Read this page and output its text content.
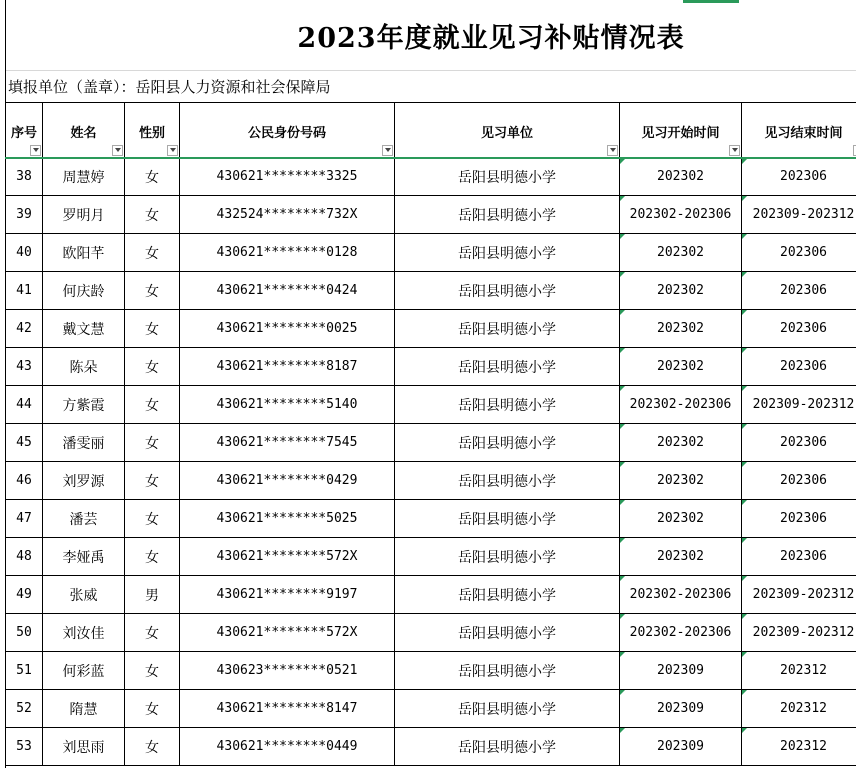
2023年度就业见习补贴情况表
填报单位（盖章）：岳阳县人力资源和社会保障局
序号	姓名	性别	公民身份号码	见习单位	见习开始时间	见习结束时间

38	周慧婷	女	430621********3325	岳阳县明德小学	202302	202306
39	罗明月	女	432524********732X	岳阳县明德小学	202302-202306	202309-202312
40	欧阳芊	女	430621********0128	岳阳县明德小学	202302	202306
41	何庆龄	女	430621********0424	岳阳县明德小学	202302	202306
42	戴文慧	女	430621********0025	岳阳县明德小学	202302	202306
43	陈朵	女	430621********8187	岳阳县明德小学	202302	202306
44	方紫霞	女	430621********5140	岳阳县明德小学	202302-202306	202309-202312
45	潘雯丽	女	430621********7545	岳阳县明德小学	202302	202306
46	刘罗源	女	430621********0429	岳阳县明德小学	202302	202306
47	潘芸	女	430621********5025	岳阳县明德小学	202302	202306
48	李娅禹	女	430621********572X	岳阳县明德小学	202302	202306
49	张威	男	430621********9197	岳阳县明德小学	202302-202306	202309-202312
50	刘汝佳	女	430621********572X	岳阳县明德小学	202302-202306	202309-202312
51	何彩蓝	女	430623********0521	岳阳县明德小学	202309	202312
52	隋慧	女	430621********8147	岳阳县明德小学	202309	202312
53	刘思雨	女	430621********0449	岳阳县明德小学	202309	202312
